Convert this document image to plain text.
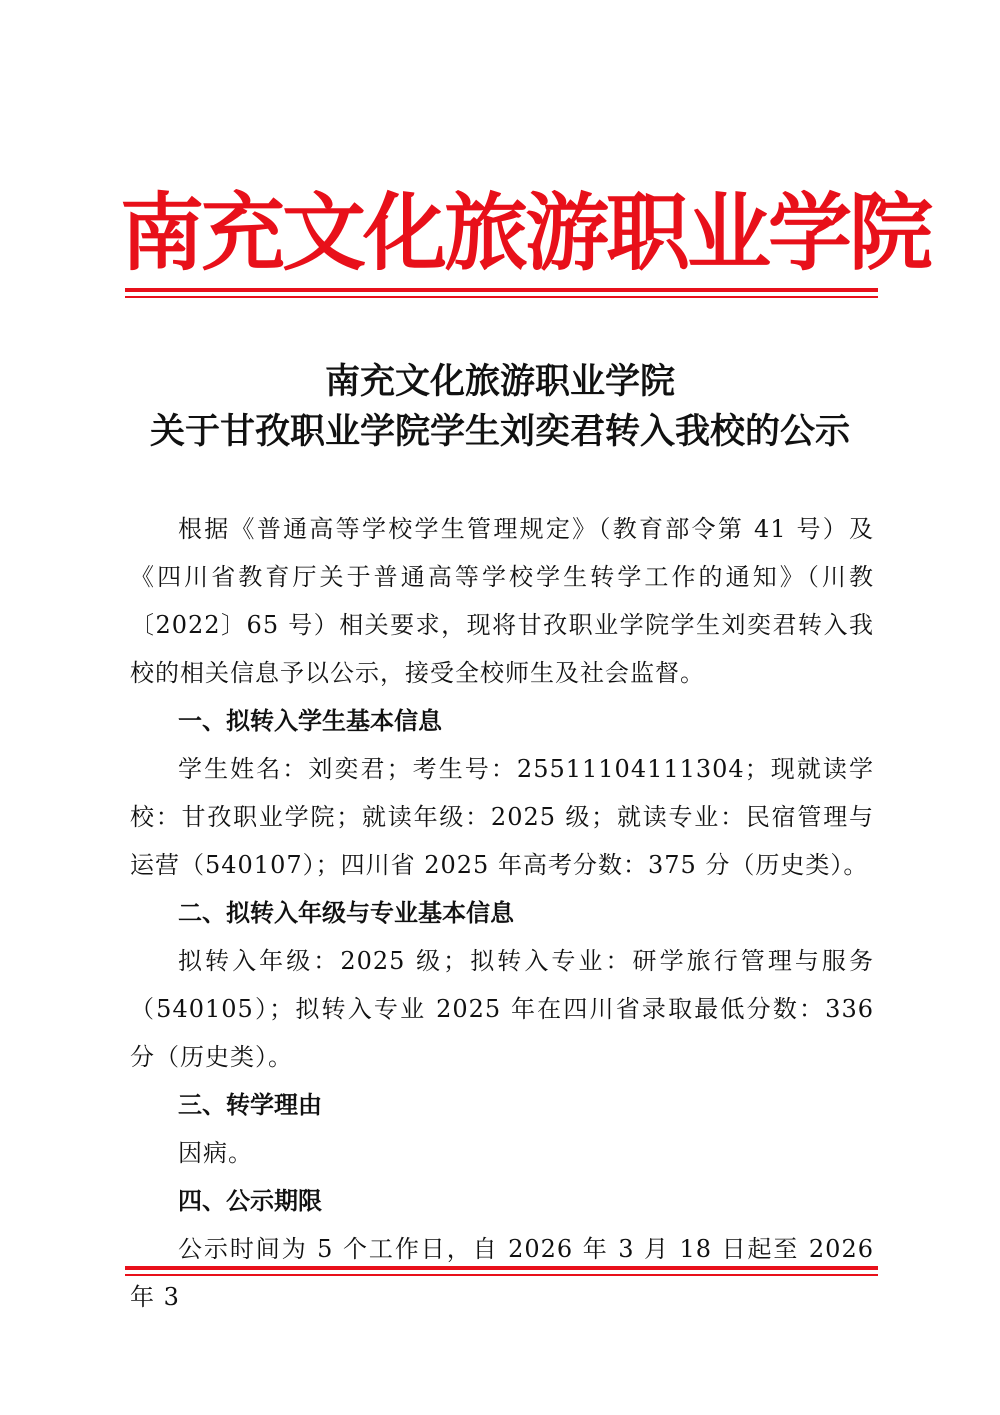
南充文化旅游职业学院
南充文化旅游职业学院
关于甘孜职业学院学生刘奕君转入我校的公示

根据《普通高等学校学生管理规定》（教育部令第 41 号）及《四川省教育厅关于普通高等学校学生转学工作的通知》（川教〔2022〕65 号）相关要求，现将甘孜职业学院学生刘奕君转入我校的相关信息予以公示，接受全校师生及社会监督。

一、拟转入学生基本信息

学生姓名：刘奕君；考生号：25511104111304；现就读学校：甘孜职业学院；就读年级：2025 级；就读专业：民宿管理与运营（540107）；四川省 2025 年高考分数：375 分（历史类）。

二、拟转入年级与专业基本信息

拟转入年级：2025 级；拟转入专业：研学旅行管理与服务（540105）；拟转入专业 2025 年在四川省录取最低分数：336 分（历史类）。

三、转学理由

因病。

四、公示期限

公示时间为 5 个工作日，自 2026 年 3 月 18 日起至 2026 年 3
